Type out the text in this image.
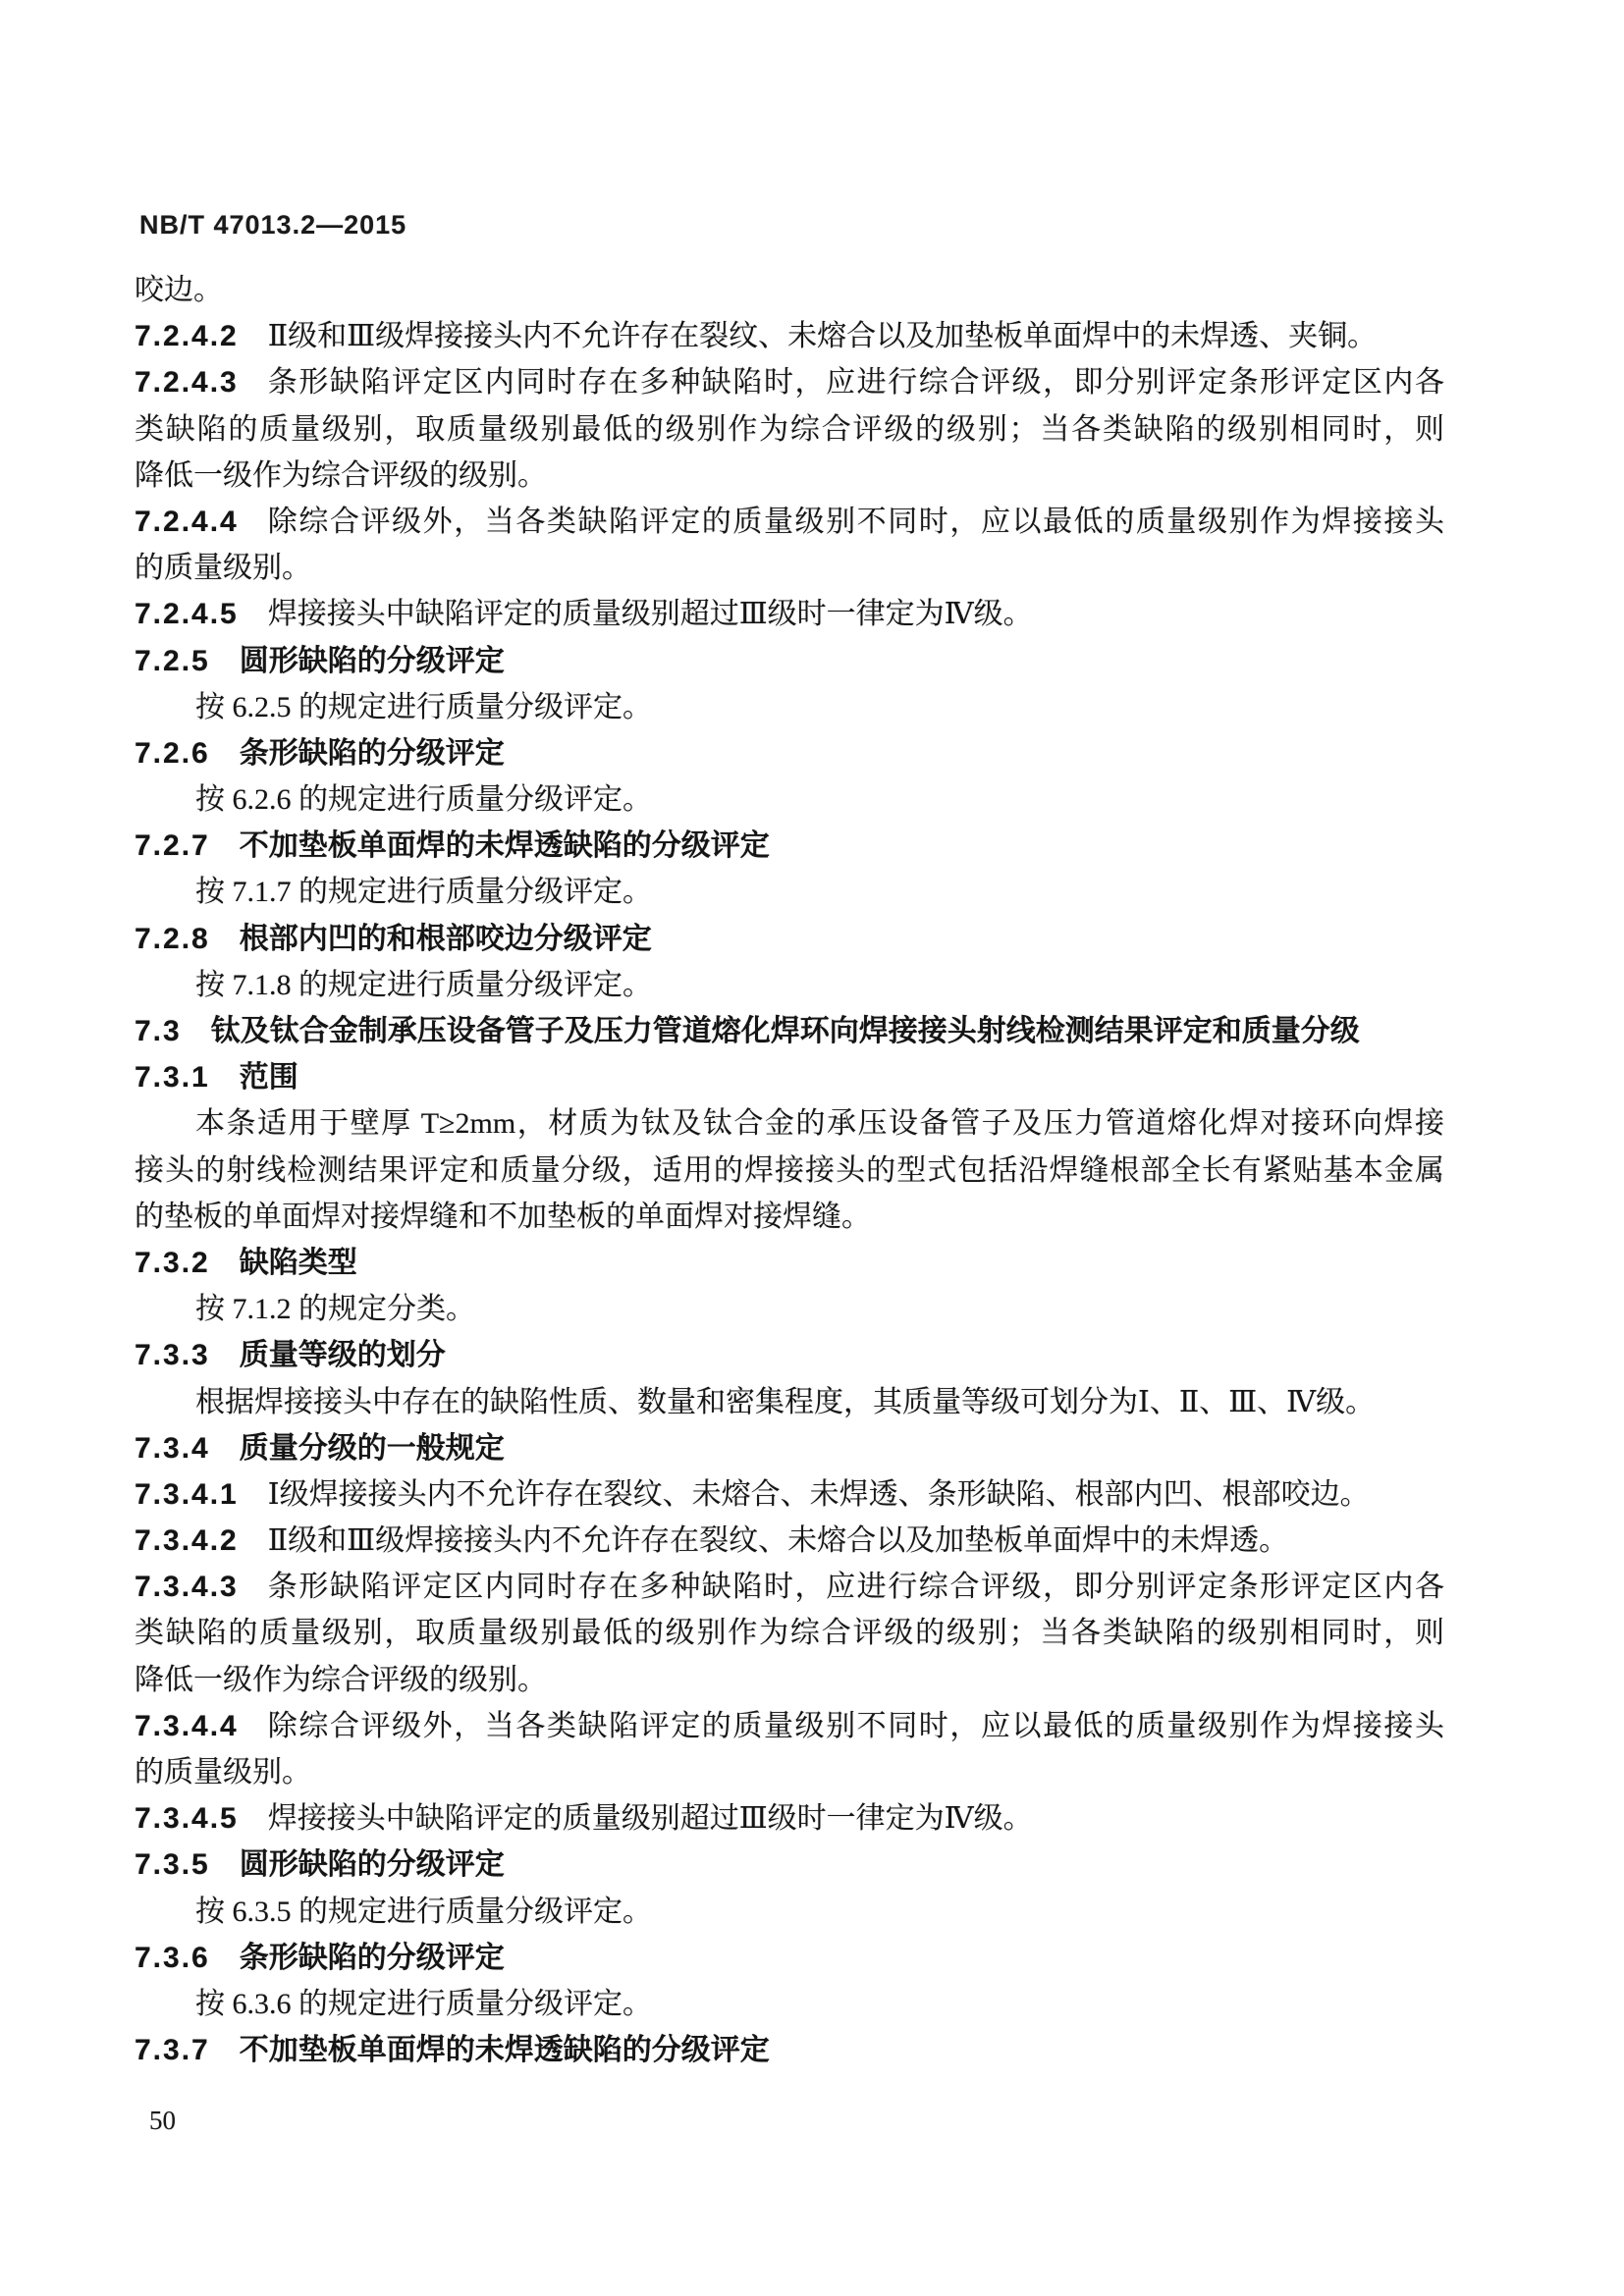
NB/T 47013.2—2015
咬边。
7.2.4.2 Ⅱ级和Ⅲ级焊接接头内不允许存在裂纹、未熔合以及加垫板单面焊中的未焊透、夹铜。
7.2.4.3 条形缺陷评定区内同时存在多种缺陷时，应进行综合评级，即分别评定条形评定区内各
类缺陷的质量级别，取质量级别最低的级别作为综合评级的级别；当各类缺陷的级别相同时，则
降低一级作为综合评级的级别。
7.2.4.4 除综合评级外，当各类缺陷评定的质量级别不同时，应以最低的质量级别作为焊接接头
的质量级别。
7.2.4.5 焊接接头中缺陷评定的质量级别超过Ⅲ级时一律定为Ⅳ级。
7.2.5 圆形缺陷的分级评定
按 6.2.5 的规定进行质量分级评定。
7.2.6 条形缺陷的分级评定
按 6.2.6 的规定进行质量分级评定。
7.2.7 不加垫板单面焊的未焊透缺陷的分级评定
按 7.1.7 的规定进行质量分级评定。
7.2.8 根部内凹的和根部咬边分级评定
按 7.1.8 的规定进行质量分级评定。
7.3 钛及钛合金制承压设备管子及压力管道熔化焊环向焊接接头射线检测结果评定和质量分级
7.3.1 范围
本条适用于壁厚 T≥2mm，材质为钛及钛合金的承压设备管子及压力管道熔化焊对接环向焊接
接头的射线检测结果评定和质量分级，适用的焊接接头的型式包括沿焊缝根部全长有紧贴基本金属
的垫板的单面焊对接焊缝和不加垫板的单面焊对接焊缝。
7.3.2 缺陷类型
按 7.1.2 的规定分类。
7.3.3 质量等级的划分
根据焊接接头中存在的缺陷性质、数量和密集程度，其质量等级可划分为Ⅰ、Ⅱ、Ⅲ、Ⅳ级。
7.3.4 质量分级的一般规定
7.3.4.1 Ⅰ级焊接接头内不允许存在裂纹、未熔合、未焊透、条形缺陷、根部内凹、根部咬边。
7.3.4.2 Ⅱ级和Ⅲ级焊接接头内不允许存在裂纹、未熔合以及加垫板单面焊中的未焊透。
7.3.4.3 条形缺陷评定区内同时存在多种缺陷时，应进行综合评级，即分别评定条形评定区内各
类缺陷的质量级别，取质量级别最低的级别作为综合评级的级别；当各类缺陷的级别相同时，则
降低一级作为综合评级的级别。
7.3.4.4 除综合评级外，当各类缺陷评定的质量级别不同时，应以最低的质量级别作为焊接接头
的质量级别。
7.3.4.5 焊接接头中缺陷评定的质量级别超过Ⅲ级时一律定为Ⅳ级。
7.3.5 圆形缺陷的分级评定
按 6.3.5 的规定进行质量分级评定。
7.3.6 条形缺陷的分级评定
按 6.3.6 的规定进行质量分级评定。
7.3.7 不加垫板单面焊的未焊透缺陷的分级评定
50
